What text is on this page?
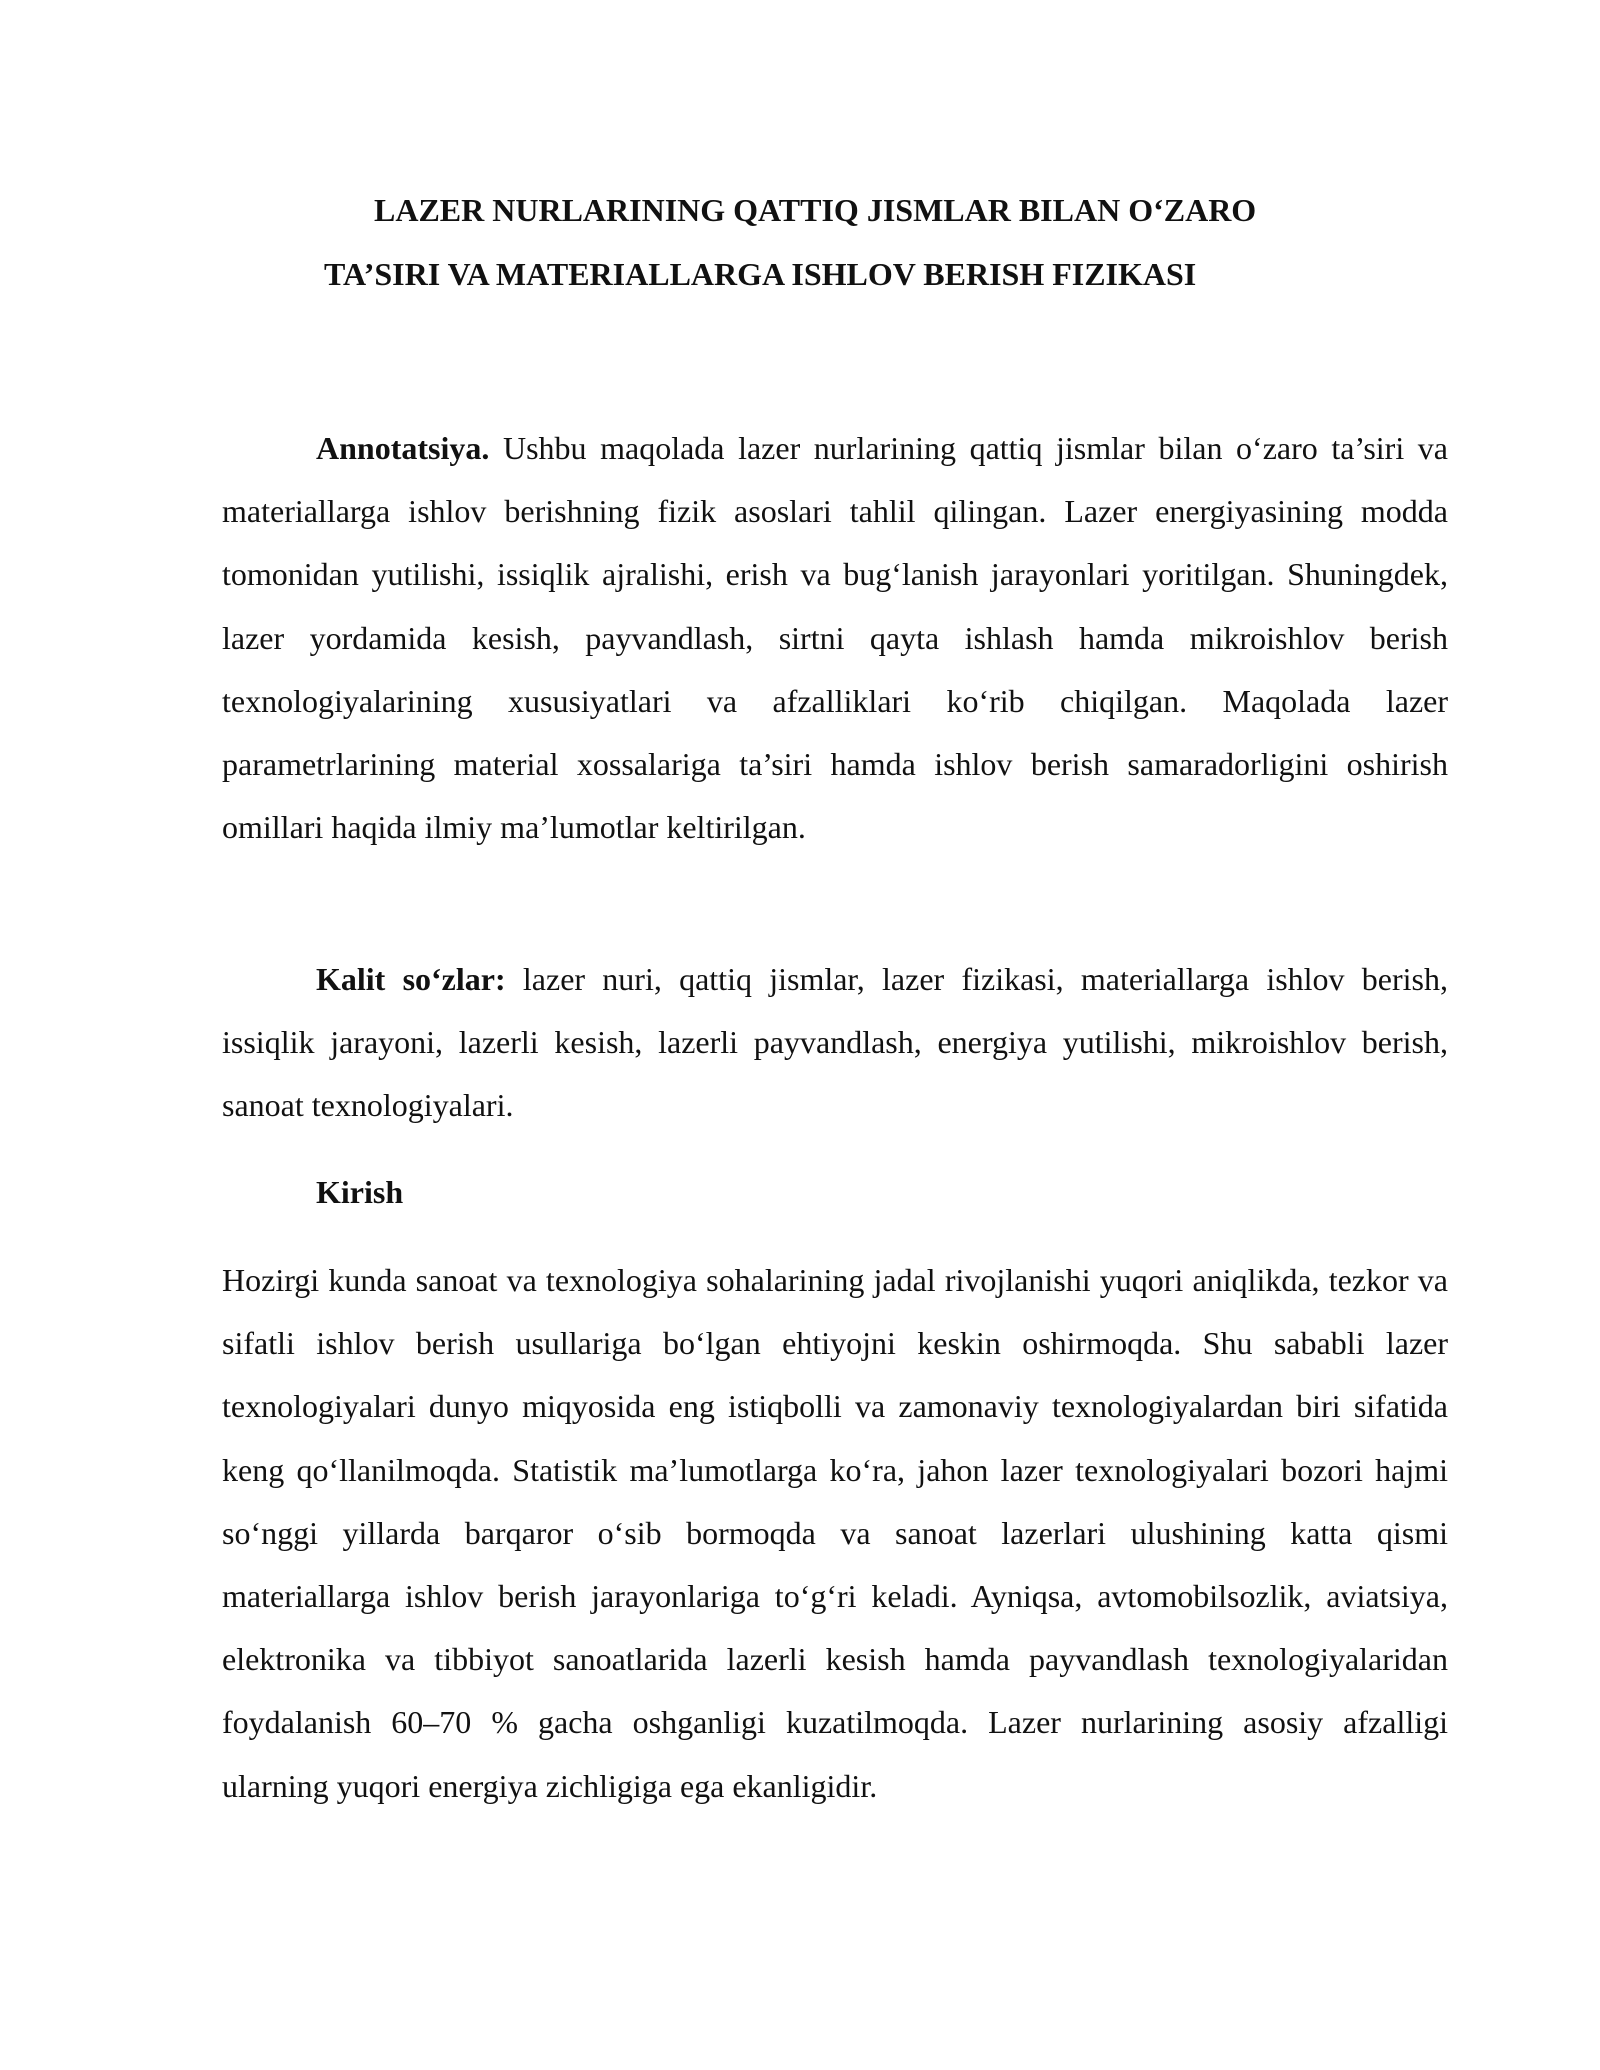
LAZER NURLARINING QATTIQ JISMLAR BILAN O‘ZARO
TA’SIRI VA MATERIALLARGA ISHLOV BERISH FIZIKASI

Annotatsiya. Ushbu maqolada lazer nurlarining qattiq jismlar bilan o‘zaro ta’siri va materiallarga ishlov berishning fizik asoslari tahlil qilingan. Lazer energiyasining modda tomonidan yutilishi, issiqlik ajralishi, erish va bug‘lanish jarayonlari yoritilgan. Shuningdek, lazer yordamida kesish, payvandlash, sirtni qayta ishlash hamda mikroishlov berish texnologiyalarining xususiyatlari va afzalliklari ko‘rib chiqilgan. Maqolada lazer parametrlarining material xossalariga ta’siri hamda ishlov berish samaradorligini oshirish omillari haqida ilmiy ma’lumotlar keltirilgan.

Kalit so‘zlar: lazer nuri, qattiq jismlar, lazer fizikasi, materiallarga ishlov berish, issiqlik jarayoni, lazerli kesish, lazerli payvandlash, energiya yutilishi, mikroishlov berish, sanoat texnologiyalari.

Kirish

Hozirgi kunda sanoat va texnologiya sohalarining jadal rivojlanishi yuqori aniqlikda, tezkor va sifatli ishlov berish usullariga bo‘lgan ehtiyojni keskin oshirmoqda. Shu sababli lazer texnologiyalari dunyo miqyosida eng istiqbolli va zamonaviy texnologiyalardan biri sifatida keng qo‘llanilmoqda. Statistik ma’lumotlarga ko‘ra, jahon lazer texnologiyalari bozori hajmi so‘nggi yillarda barqaror o‘sib bormoqda va sanoat lazerlari ulushining katta qismi materiallarga ishlov berish jarayonlariga to‘g‘ri keladi. Ayniqsa, avtomobilsozlik, aviatsiya, elektronika va tibbiyot sanoatlarida lazerli kesish hamda payvandlash texnologiyalaridan foydalanish 60–70 % gacha oshganligi kuzatilmoqda. Lazer nurlarining asosiy afzalligi ularning yuqori energiya zichligiga ega ekanligidir.
